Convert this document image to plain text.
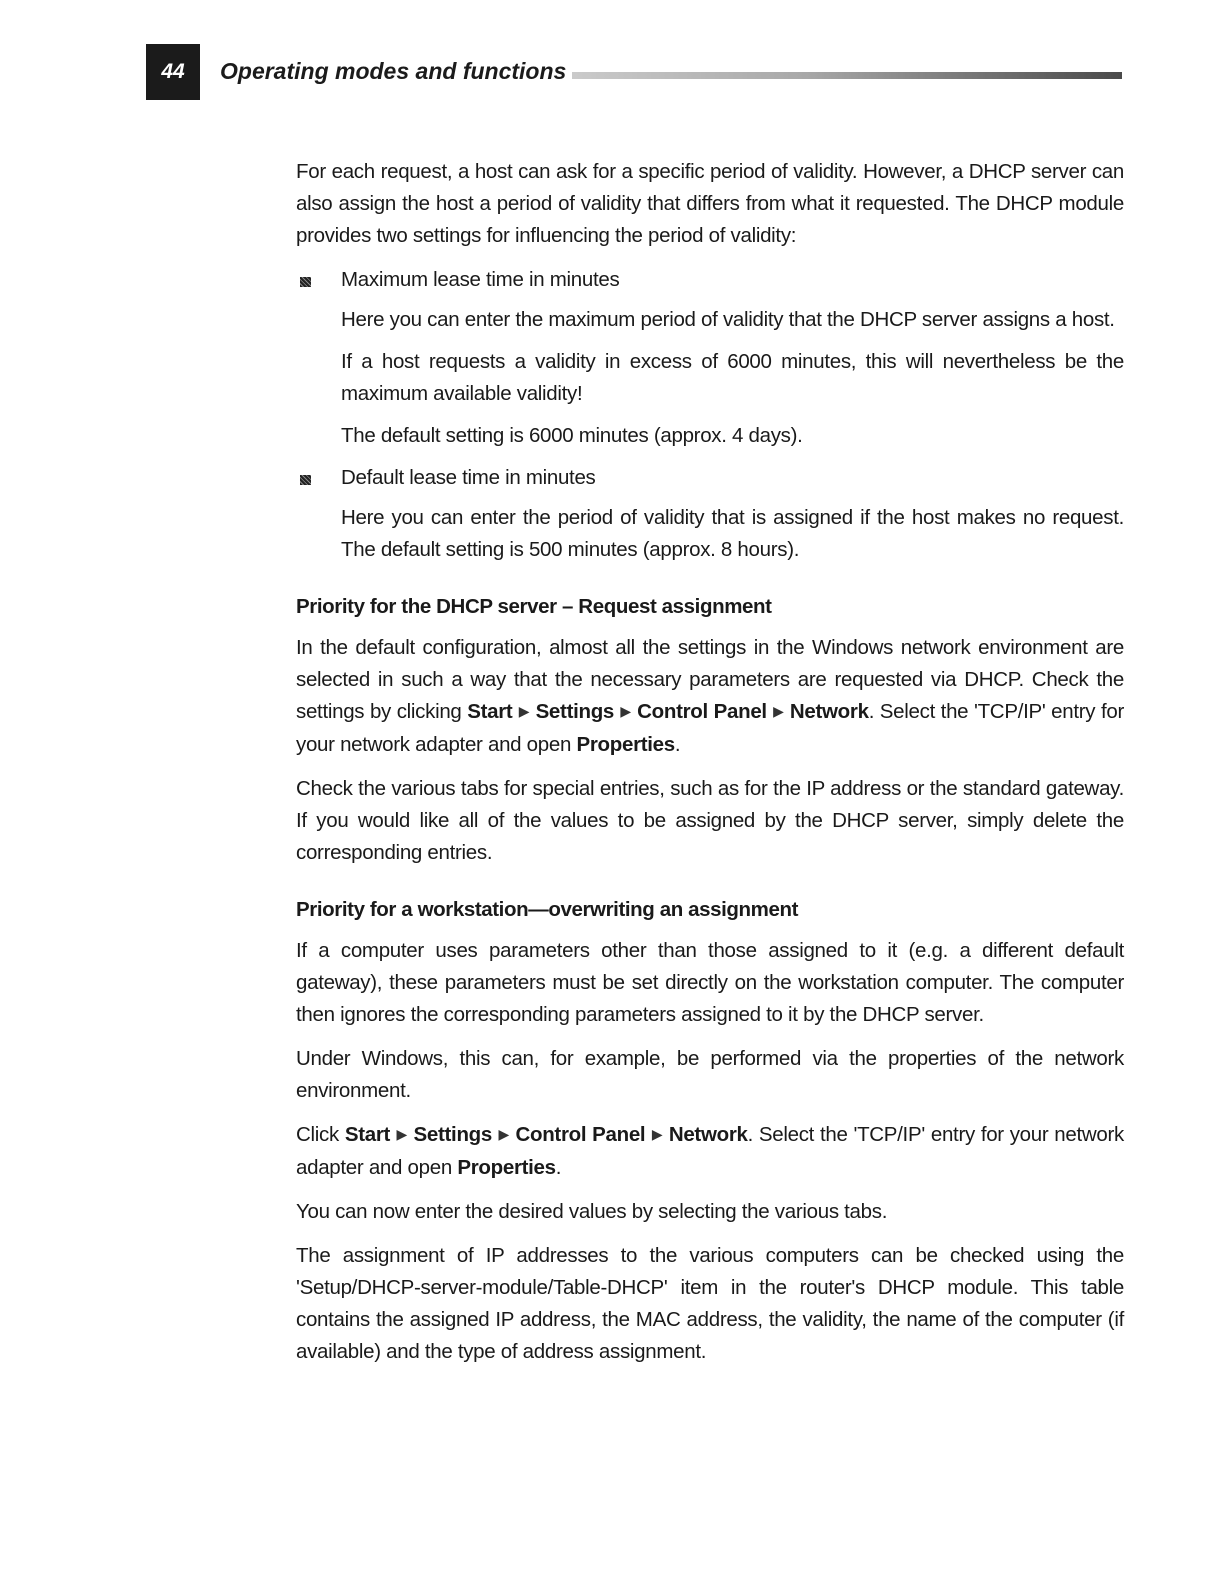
44	Operating modes and functions

For each request, a host can ask for a specific period of validity. However, a DHCP server can also assign the host a period of validity that differs from what it requested. The DHCP module provides two settings for influencing the period of validity:

Maximum lease time in minutes

Here you can enter the maximum period of validity that the DHCP server assigns a host.

If a host requests a validity in excess of 6000 minutes, this will nevertheless be the maximum available validity!

The default setting is 6000 minutes (approx. 4 days).

Default lease time in minutes

Here you can enter the period of validity that is assigned if the host makes no request. The default setting is 500 minutes (approx. 8 hours).

Priority for the DHCP server – Request assignment

In the default configuration, almost all the settings in the Windows network environment are selected in such a way that the necessary parameters are requested via DHCP. Check the settings by clicking Start ▶ Settings ▶ Control Panel ▶ Network. Select the 'TCP/IP' entry for your network adapter and open Properties.

Check the various tabs for special entries, such as for the IP address or the standard gateway. If you would like all of the values to be assigned by the DHCP server, simply delete the corresponding entries.

Priority for a workstation—overwriting an assignment

If a computer uses parameters other than those assigned to it (e.g. a different default gateway), these parameters must be set directly on the workstation computer. The computer then ignores the corresponding parameters assigned to it by the DHCP server.

Under Windows, this can, for example, be performed via the properties of the network environment.

Click Start ▶ Settings ▶ Control Panel ▶ Network. Select the 'TCP/IP' entry for your network adapter and open Properties.

You can now enter the desired values by selecting the various tabs.

The assignment of IP addresses to the various computers can be checked using the 'Setup/DHCP-server-module/Table-DHCP' item in the router's DHCP module. This table contains the assigned IP address, the MAC address, the validity, the name of the computer (if available) and the type of address assignment.
